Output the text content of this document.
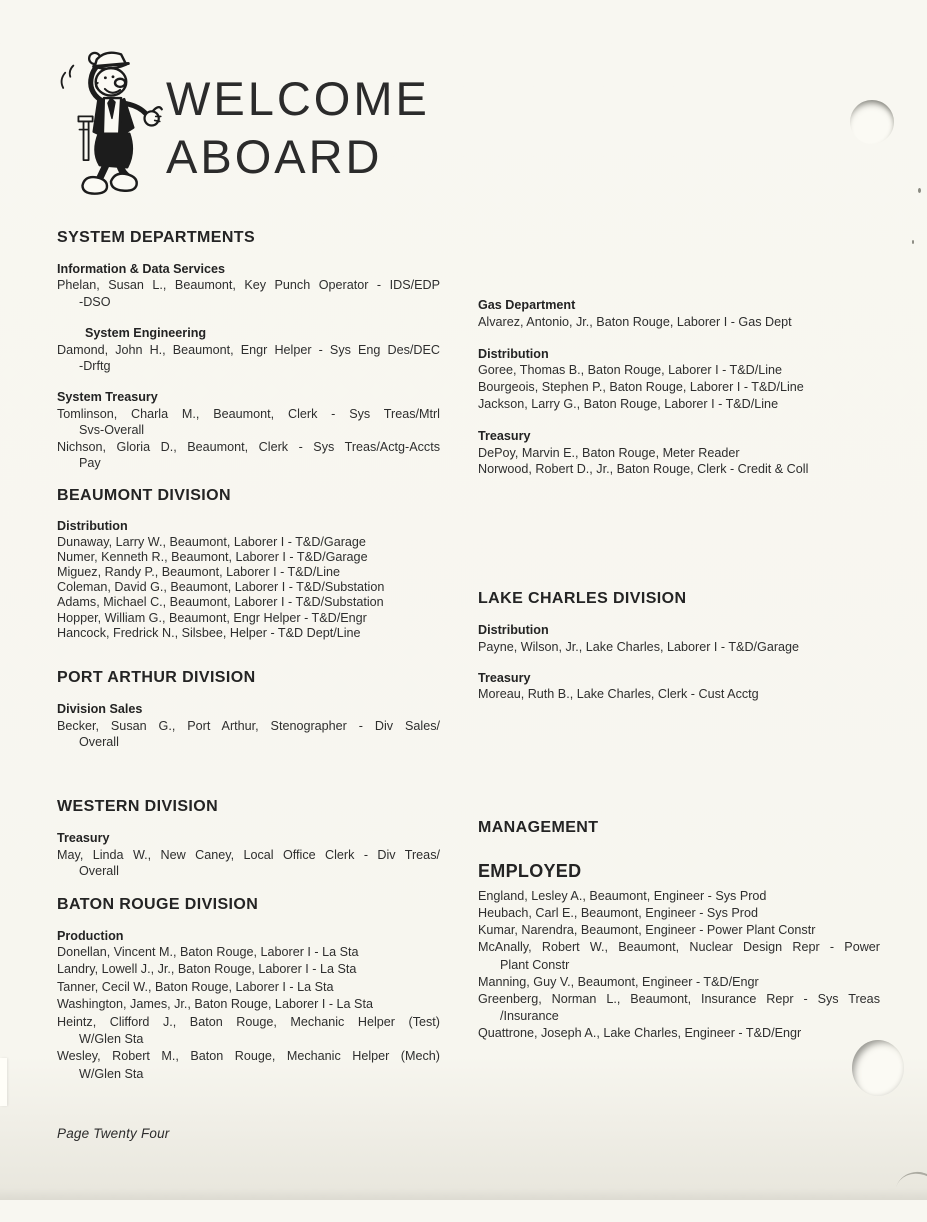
WELCOME
ABOARD
SYSTEM DEPARTMENTS
Information & Data Services
Phelan, Susan L., Beaumont, Key Punch Operator - IDS/EDP
-DSO
System Engineering
Damond, John H., Beaumont, Engr Helper - Sys Eng Des/DEC
-Drftg
System Treasury
Tomlinson, Charla M., Beaumont, Clerk - Sys Treas/Mtrl
Svs-Overall
Nichson, Gloria D., Beaumont, Clerk - Sys Treas/Actg-Accts
Pay
BEAUMONT DIVISION
Distribution
Dunaway, Larry W., Beaumont, Laborer I - T&D/Garage
Numer, Kenneth R., Beaumont, Laborer I - T&D/Garage
Miguez, Randy P., Beaumont, Laborer I - T&D/Line
Coleman, David G., Beaumont, Laborer I - T&D/Substation
Adams, Michael C., Beaumont, Laborer I - T&D/Substation
Hopper, William G., Beaumont, Engr Helper - T&D/Engr
Hancock, Fredrick N., Silsbee, Helper - T&D Dept/Line
PORT ARTHUR DIVISION
Division Sales
Becker, Susan G., Port Arthur, Stenographer - Div Sales/
Overall
WESTERN DIVISION
Treasury
May, Linda W., New Caney, Local Office Clerk - Div Treas/
Overall
BATON ROUGE DIVISION
Production
Donellan, Vincent M., Baton Rouge, Laborer I - La Sta
Landry, Lowell J., Jr., Baton Rouge, Laborer I - La Sta
Tanner, Cecil W., Baton Rouge, Laborer I - La Sta
Washington, James, Jr., Baton Rouge, Laborer I - La Sta
Heintz, Clifford J., Baton Rouge, Mechanic Helper (Test)
W/Glen Sta
Wesley, Robert M., Baton Rouge, Mechanic Helper (Mech)
W/Glen Sta
Gas Department
Alvarez, Antonio, Jr., Baton Rouge, Laborer I - Gas Dept
Distribution
Goree, Thomas B., Baton Rouge, Laborer I - T&D/Line
Bourgeois, Stephen P., Baton Rouge, Laborer I - T&D/Line
Jackson, Larry G., Baton Rouge, Laborer I - T&D/Line
Treasury
DePoy, Marvin E., Baton Rouge, Meter Reader
Norwood, Robert D., Jr., Baton Rouge, Clerk - Credit & Coll
LAKE CHARLES DIVISION
Distribution
Payne, Wilson, Jr., Lake Charles, Laborer I - T&D/Garage
Treasury
Moreau, Ruth B., Lake Charles, Clerk - Cust Acctg
MANAGEMENT
EMPLOYED
England, Lesley A., Beaumont, Engineer - Sys Prod
Heubach, Carl E., Beaumont, Engineer - Sys Prod
Kumar, Narendra, Beaumont, Engineer - Power Plant Constr
McAnally, Robert W., Beaumont, Nuclear Design Repr - Power
Plant Constr
Manning, Guy V., Beaumont, Engineer - T&D/Engr
Greenberg, Norman L., Beaumont, Insurance Repr - Sys Treas
/Insurance
Quattrone, Joseph A., Lake Charles, Engineer - T&D/Engr
Page Twenty Four
